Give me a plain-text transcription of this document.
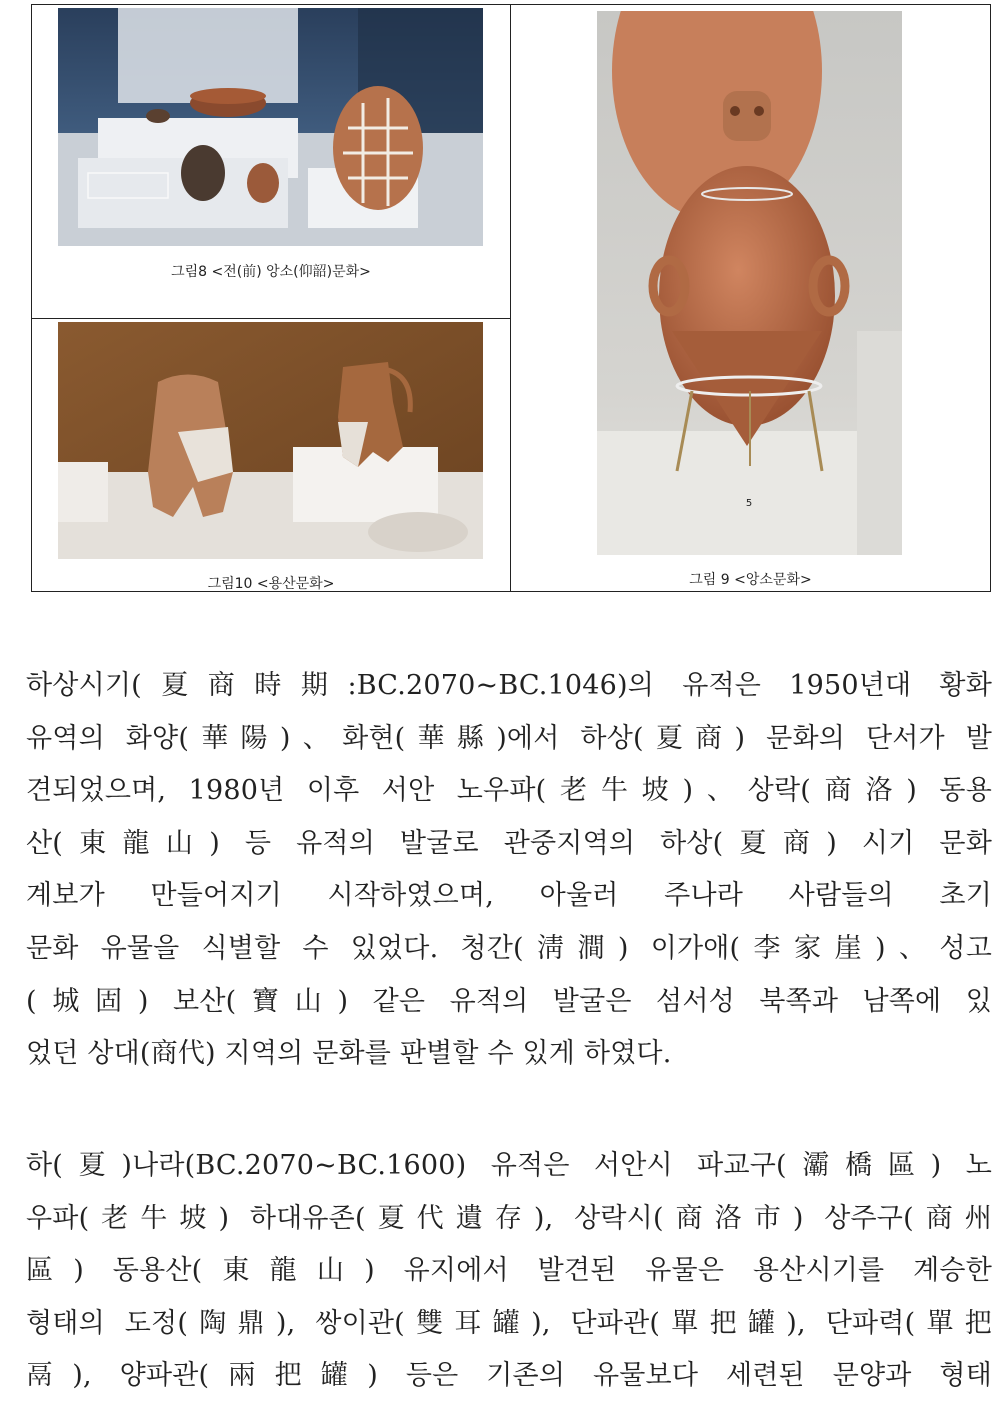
그림8 <전(前) 앙소(仰韶)문화>
그림10 <용산문화>
5
그림 9 <앙소문화>
하상시기(夏商時期:BC.2070~BC.1046)의 유적은 1950년대 황화
유역의 화양(華陽)、화현(華縣)에서 하상(夏商) 문화의 단서가 발
견되었으며, 1980년 이후 서안 노우파(老牛坡)、상락(商洛) 동용
산(東龍山) 등 유적의 발굴로 관중지역의 하상(夏商) 시기 문화
계보가 만들어지기 시작하였으며, 아울러 주나라 사람들의 초기
문화 유물을 식별할 수 있었다. 청간(淸澗) 이가애(李家崖)、성고
(城固) 보산(寶山) 같은 유적의 발굴은 섬서성 북쪽과 남쪽에 있
었던 상대(商代) 지역의 문화를 판별할 수 있게 하였다.
하(夏)나라(BC.2070~BC.1600) 유적은 서안시 파교구(灞橋區) 노
우파(老牛坡) 하대유존(夏代遺存), 상락시(商洛市) 상주구(商州
區) 동용산(東龍山) 유지에서 발견된 유물은 용산시기를 계승한
형태의 도정(陶鼎), 쌍이관(雙耳罐), 단파관(單把罐), 단파력(單把
鬲), 양파관(兩把罐) 등은 기존의 유물보다 세련된 문양과 형태
